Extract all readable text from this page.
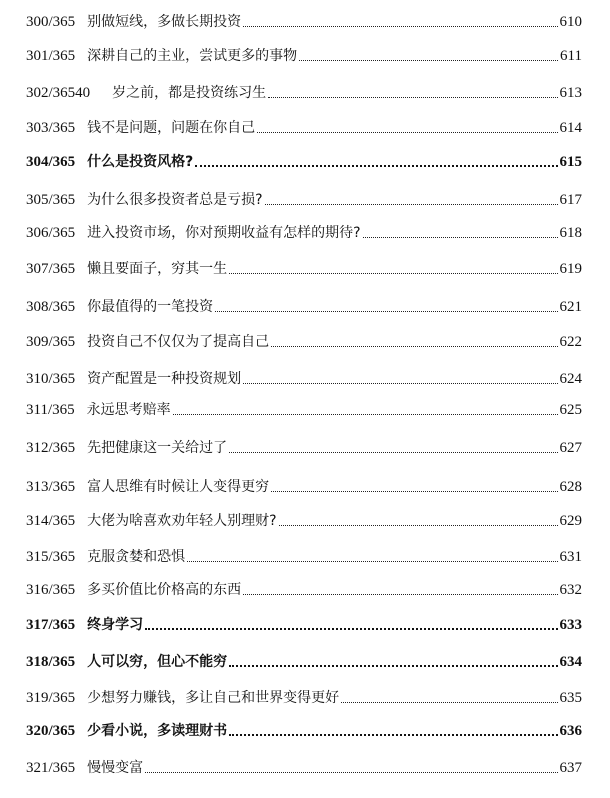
300/365 别做短线，多做长期投资	610
301/365 深耕自己的主业，尝试更多的事物	611
302/36540 岁之前，都是投资练习生	613
303/365 钱不是问题，问题在你自己	614
304/365 什么是投资风格?	615
305/365 为什么很多投资者总是亏损?	617
306/365 进入投资市场，你对预期收益有怎样的期待?	618
307/365 懒且要面子，穷其一生	619
308/365 你最值得的一笔投资	621
309/365 投资自己不仅仅为了提高自己	622
310/365 资产配置是一种投资规划	624
311/365 永远思考赔率	625
312/365 先把健康这一关给过了	627
313/365 富人思维有时候让人变得更穷	628
314/365 大佬为啥喜欢劝年轻人别理财?	629
315/365 克服贪婪和恐惧	631
316/365 多买价值比价格高的东西	632
317/365 终身学习	633
318/365 人可以穷，但心不能穷	634
319/365 少想努力赚钱，多让自己和世界变得更好	635
320/365 少看小说，多读理财书	636
321/365 慢慢变富	637
